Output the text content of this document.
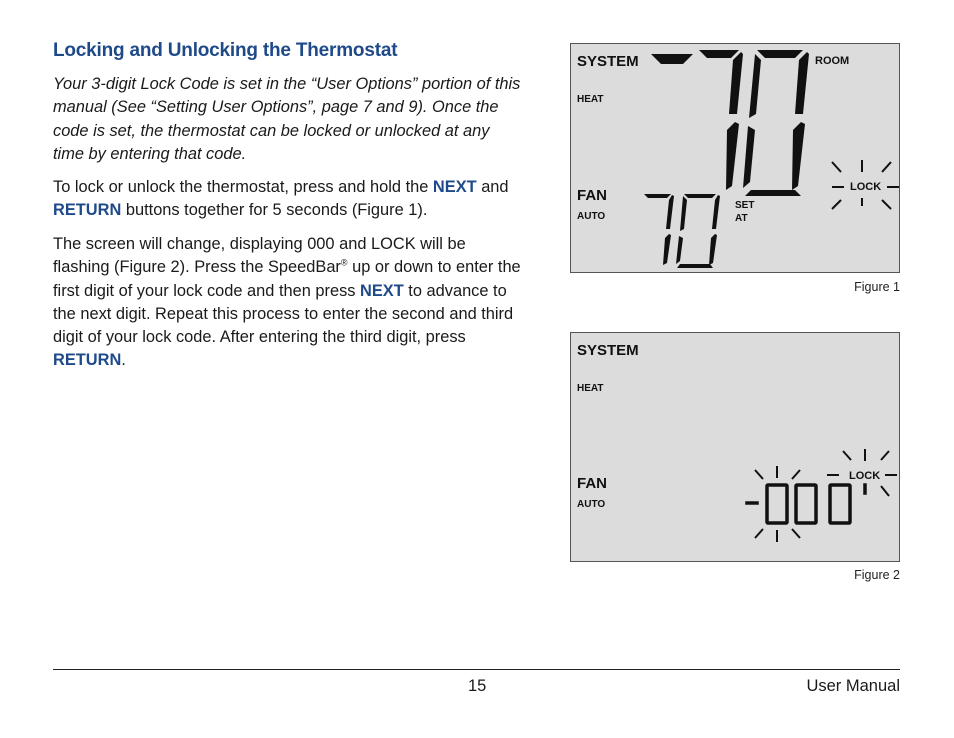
Locking and Unlocking the Thermostat
Your 3-digit Lock Code is set in the “User Options” portion of this manual (See “Setting User Options”, page 7 and 9). Once the code is set, the thermostat can be locked or unlocked at any time by entering that code.
To lock or unlock the thermostat, press and hold the NEXT and RETURN buttons together for 5 seconds (Figure 1).
The screen will change, displaying 000 and LOCK will be flashing (Figure 2). Press the SpeedBar® up or down to enter the first digit of your lock code and then press NEXT to advance to the next digit. Repeat this process to enter the second and third digit of your lock code. After entering the third digit, press RETURN.
SYSTEM
HEAT
FAN
AUTO
ROOM
SET
AT
LOCK
Figure 1
SYSTEM
HEAT
FAN
AUTO
LOCK
Figure 2
15	User Manual
